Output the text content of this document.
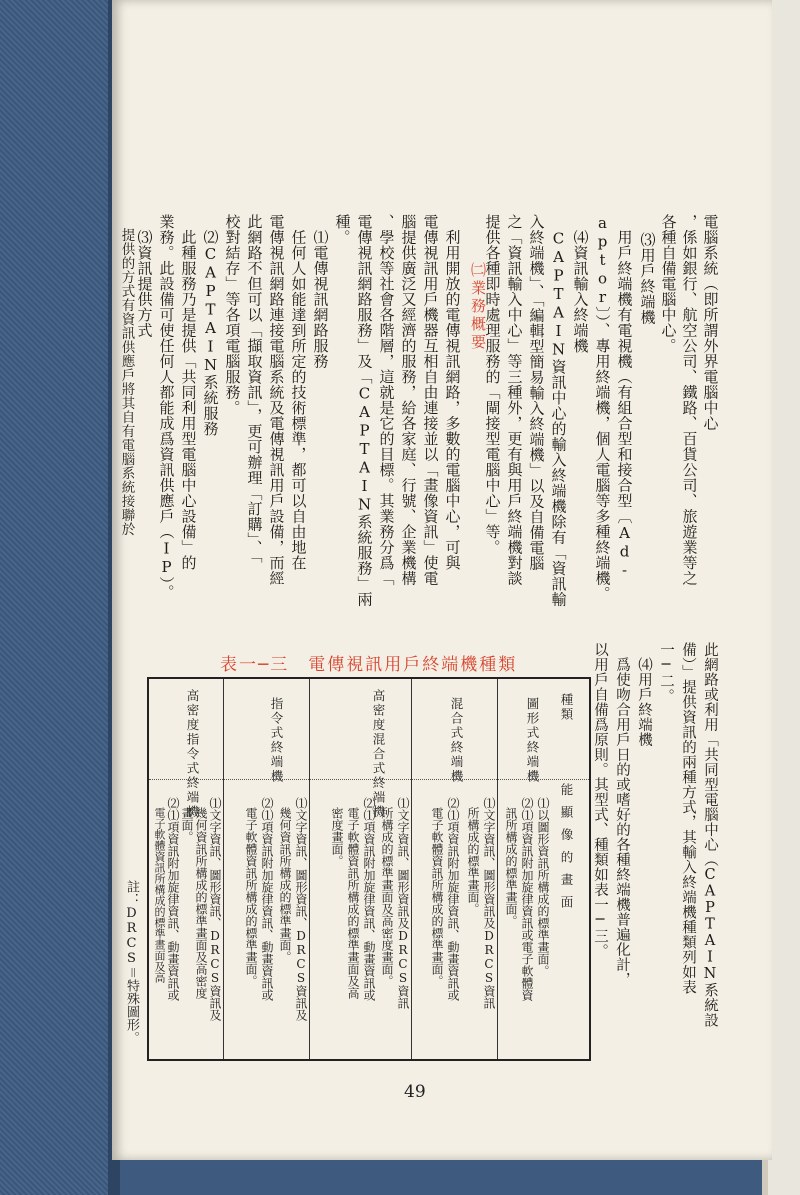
電腦系統（即所謂外界電腦中心
，係如銀行、航空公司、鐵路、百貨公司、旅遊業等之
各種自備電腦中心。
⑶用戶終端機
　用戶終端機有電視機（有組合型和接合型〔Ad-
aptor〕）、專用終端機，個人電腦等多種終端機。
　⑷資訊輸入終端機
　CAPTAIN資訊中心的輸入終端機除有「資訊輸
入終端機」、「編輯型簡易輸入終端機」以及自備電腦
之「資訊輸入中心」等三種外，更有與用戶終端機對談
提供各種即時處理服務的「閘接型電腦中心」等。
㈡業務概要
　利用開放的電傳視訊網路，多數的電腦中心，可與
電傳視訊用戶機器互相自由連接並以「畫像資訊」使電
腦提供廣泛又經濟的服務，給各家庭、行號、企業機構
、學校等社會各階層，這就是它的目標。其業務分爲「
電傳視訊網路服務」及「CAPTAIN系統服務」兩
種。
　⑴電傳視訊網路服務
　任何人如能達到所定的技術標準，都可以自由地在
電傳視訊網路連接電腦系統及電傳視訊用戶設備，而經
此網路不但可以「擷取資訊」，更可辦理「訂購」、「
校對結存」等各項電腦服務。
　⑵CAPTAIN系統服務
　此種服務乃是提供「共同利用型電腦中心設備」的
業務。此設備可使任何人都能成爲資訊供應戶（IP）。
　⑶資訊提供方式
　提供的方式有資訊供應戶將其自有電腦系統接聯於
此網路或利用「共同型電腦中心（CAPTAIN系統設
備）」提供資訊的兩種方式，其輸入終端機種類列如表
一─二。
　⑷用戶終端機
　爲使吻合用戶日的或嗜好的各種終端機普遍化計，
以用戶自備爲原則。其型式、種類如表一─三。
表一─三　電傳視訊用戶終端機種類
種類
能顯像的畫面
圖形式終端機
⑴以圖形資訊所構成的標準畫面。
⑵⑴項資訊附加旋律資訊或電子軟體資
訊所構成的標準畫面。
混合式終端機
⑴文字資訊、圖形資訊及DRCS資訊
所構成的標準畫面。
⑵⑴項資訊附加旋律資訊、動畫資訊或
電子軟體資訊所構成的標準畫面。
高密度混合式終端機
⑴文字資訊、圖形資訊及DRCS資訊
所構成的標準畫面及高密度畫面。
⑵⑴項資訊附加旋律資訊、動畫資訊或
電子軟體資訊所構成的標準畫面及高
密度畫面。
指令式終端機
⑴文字資訊、圖形資訊、DRCS資訊及
幾何資訊所構成的標準畫面。
⑵⑴項資訊附加旋律資訊、動畫資訊或
電子軟體資訊所構成的標準畫面。
高密度指令式終端機
⑴文字資訊、圖形資訊、DRCS資訊及
幾何資訊所構成的標準畫面及高密度
畫面。
⑵⑴項資訊附加旋律資訊、動畫資訊或
電子軟體資訊所構成的標準畫面及高
註：DRCS＝特殊圖形。
49
